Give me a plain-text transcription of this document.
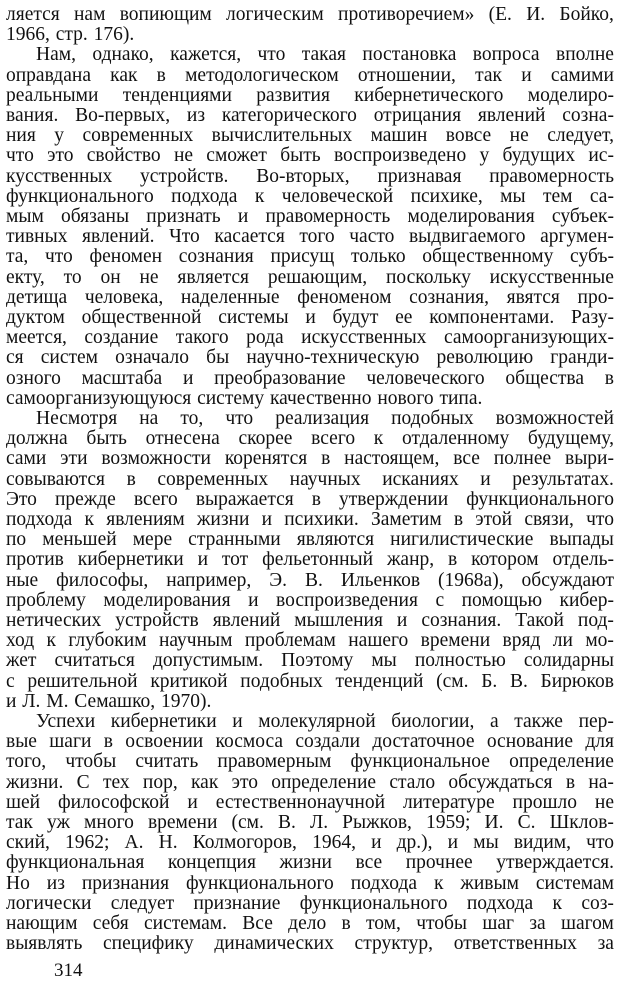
ляется нам вопиющим логическим противоречием» (Е. И. Бойко,
1966, стр. 176).
Нам, однако, кажется, что такая постановка вопроса вполне
оправдана как в методологическом отношении, так и самими
реальными тенденциями развития кибернетического моделиро-
вания. Во-первых, из категорического отрицания явлений созна-
ния у современных вычислительных машин вовсе не следует,
что это свойство не сможет быть воспроизведено у будущих ис-
кусственных устройств. Во-вторых, признавая правомерность
функционального подхода к человеческой психике, мы тем са-
мым обязаны признать и правомерность моделирования субъек-
тивных явлений. Что касается того часто выдвигаемого аргумен-
та, что феномен сознания присущ только общественному субъ-
екту, то он не является решающим, поскольку искусственные
детища человека, наделенные феноменом сознания, явятся про-
дуктом общественной системы и будут ее компонентами. Разу-
меется, создание такого рода искусственных самоорганизующих-
ся систем означало бы научно-техническую революцию гранди-
озного масштаба и преобразование человеческого общества в
самоорганизующуюся систему качественно нового типа.
Несмотря на то, что реализация подобных возможностей
должна быть отнесена скорее всего к отдаленному будущему,
сами эти возможности коренятся в настоящем, все полнее выри-
совываются в современных научных исканиях и результатах.
Это прежде всего выражается в утверждении функционального
подхода к явлениям жизни и психики. Заметим в этой связи, что
по меньшей мере странными являются нигилистические выпады
против кибернетики и тот фельетонный жанр, в котором отдель-
ные философы, например, Э. В. Ильенков (1968а), обсуждают
проблему моделирования и воспроизведения с помощью кибер-
нетических устройств явлений мышления и сознания. Такой под-
ход к глубоким научным проблемам нашего времени вряд ли мо-
жет считаться допустимым. Поэтому мы полностью солидарны
с решительной критикой подобных тенденций (см. Б. В. Бирюков
и Л. М. Семашко, 1970).
Успехи кибернетики и молекулярной биологии, а также пер-
вые шаги в освоении космоса создали достаточное основание для
того, чтобы считать правомерным функциональное определение
жизни. С тех пор, как это определение стало обсуждаться в на-
шей философской и естественнонаучной литературе прошло не
так уж много времени (см. В. Л. Рыжков, 1959; И. С. Шклов-
ский, 1962; А. Н. Колмогоров, 1964, и др.), и мы видим, что
функциональная концепция жизни все прочнее утверждается.
Но из признания функционального подхода к живым системам
логически следует признание функционального подхода к соз-
нающим себя системам. Все дело в том, чтобы шаг за шагом
выявлять специфику динамических структур, ответственных за
314
